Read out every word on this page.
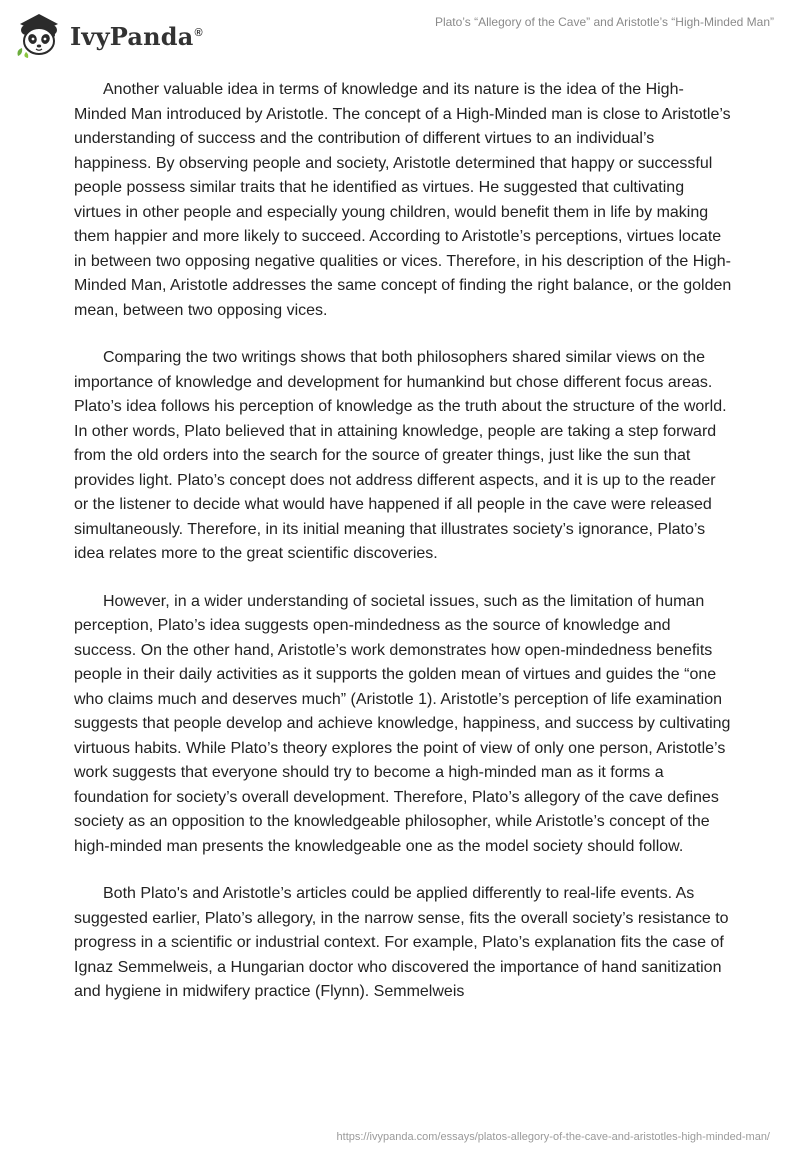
IvyPanda®
Plato’s “Allegory of the Cave” and Aristotle’s “High-Minded Man”

Another valuable idea in terms of knowledge and its nature is the idea of the High-Minded Man introduced by Aristotle. The concept of a High-Minded man is close to Aristotle’s understanding of success and the contribution of different virtues to an individual’s happiness. By observing people and society, Aristotle determined that happy or successful people possess similar traits that he identified as virtues. He suggested that cultivating virtues in other people and especially young children, would benefit them in life by making them happier and more likely to succeed. According to Aristotle’s perceptions, virtues locate in between two opposing negative qualities or vices. Therefore, in his description of the High-Minded Man, Aristotle addresses the same concept of finding the right balance, or the golden mean, between two opposing vices.

Comparing the two writings shows that both philosophers shared similar views on the importance of knowledge and development for humankind but chose different focus areas. Plato’s idea follows his perception of knowledge as the truth about the structure of the world. In other words, Plato believed that in attaining knowledge, people are taking a step forward from the old orders into the search for the source of greater things, just like the sun that provides light. Plato’s concept does not address different aspects, and it is up to the reader or the listener to decide what would have happened if all people in the cave were released simultaneously. Therefore, in its initial meaning that illustrates society’s ignorance, Plato’s idea relates more to the great scientific discoveries.

However, in a wider understanding of societal issues, such as the limitation of human perception, Plato’s idea suggests open-mindedness as the source of knowledge and success. On the other hand, Aristotle’s work demonstrates how open-mindedness benefits people in their daily activities as it supports the golden mean of virtues and guides the “one who claims much and deserves much” (Aristotle 1). Aristotle’s perception of life examination suggests that people develop and achieve knowledge, happiness, and success by cultivating virtuous habits. While Plato’s theory explores the point of view of only one person, Aristotle’s work suggests that everyone should try to become a high-minded man as it forms a foundation for society’s overall development. Therefore, Plato’s allegory of the cave defines society as an opposition to the knowledgeable philosopher, while Aristotle’s concept of the high-minded man presents the knowledgeable one as the model society should follow.

Both Plato's and Aristotle’s articles could be applied differently to real-life events. As suggested earlier, Plato’s allegory, in the narrow sense, fits the overall society’s resistance to progress in a scientific or industrial context. For example, Plato’s explanation fits the case of Ignaz Semmelweis, a Hungarian doctor who discovered the importance of hand sanitization and hygiene in midwifery practice (Flynn). Semmelweis

https://ivypanda.com/essays/platos-allegory-of-the-cave-and-aristotles-high-minded-man/
